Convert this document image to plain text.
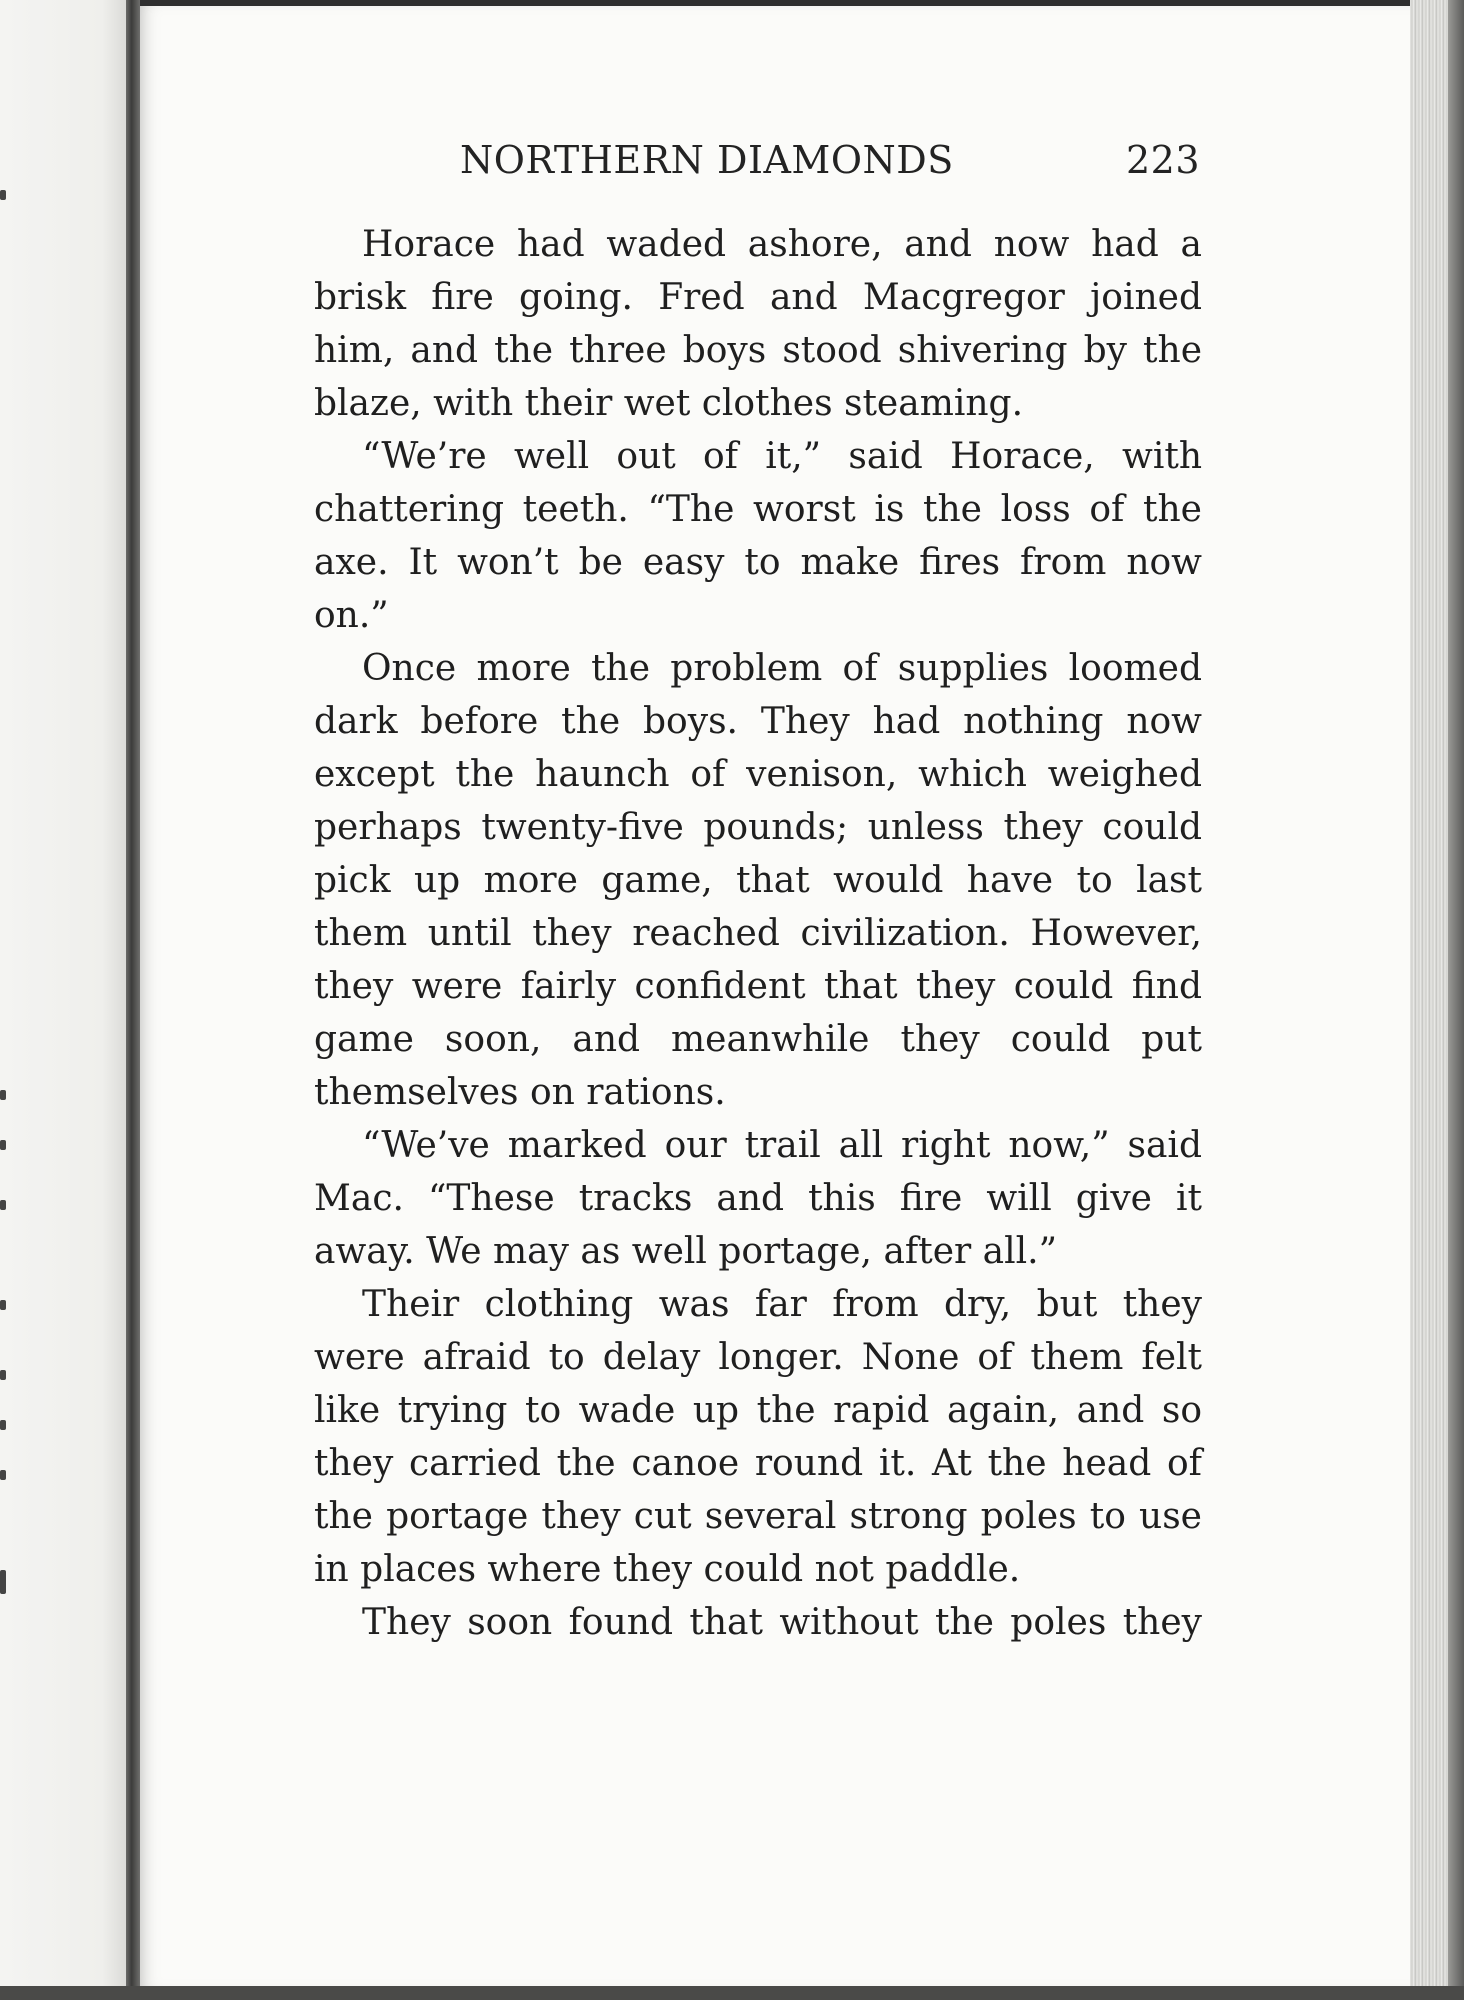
NORTHERN DIAMONDS	223

Horace had waded ashore, and now had a brisk fire going. Fred and Macgregor joined him, and the three boys stood shivering by the blaze, with their wet clothes steaming.

“We’re well out of it,” said Horace, with chattering teeth. “The worst is the loss of the axe. It won’t be easy to make fires from now on.”

Once more the problem of supplies loomed dark before the boys. They had nothing now except the haunch of venison, which weighed perhaps twenty-five pounds; unless they could pick up more game, that would have to last them until they reached civilization. However, they were fairly confident that they could find game soon, and meanwhile they could put themselves on rations.

“We’ve marked our trail all right now,” said Mac. “These tracks and this fire will give it away. We may as well portage, after all.”

Their clothing was far from dry, but they were afraid to delay longer. None of them felt like trying to wade up the rapid again, and so they carried the canoe round it. At the head of the portage they cut several strong poles to use in places where they could not paddle.

They soon found that without the poles they
